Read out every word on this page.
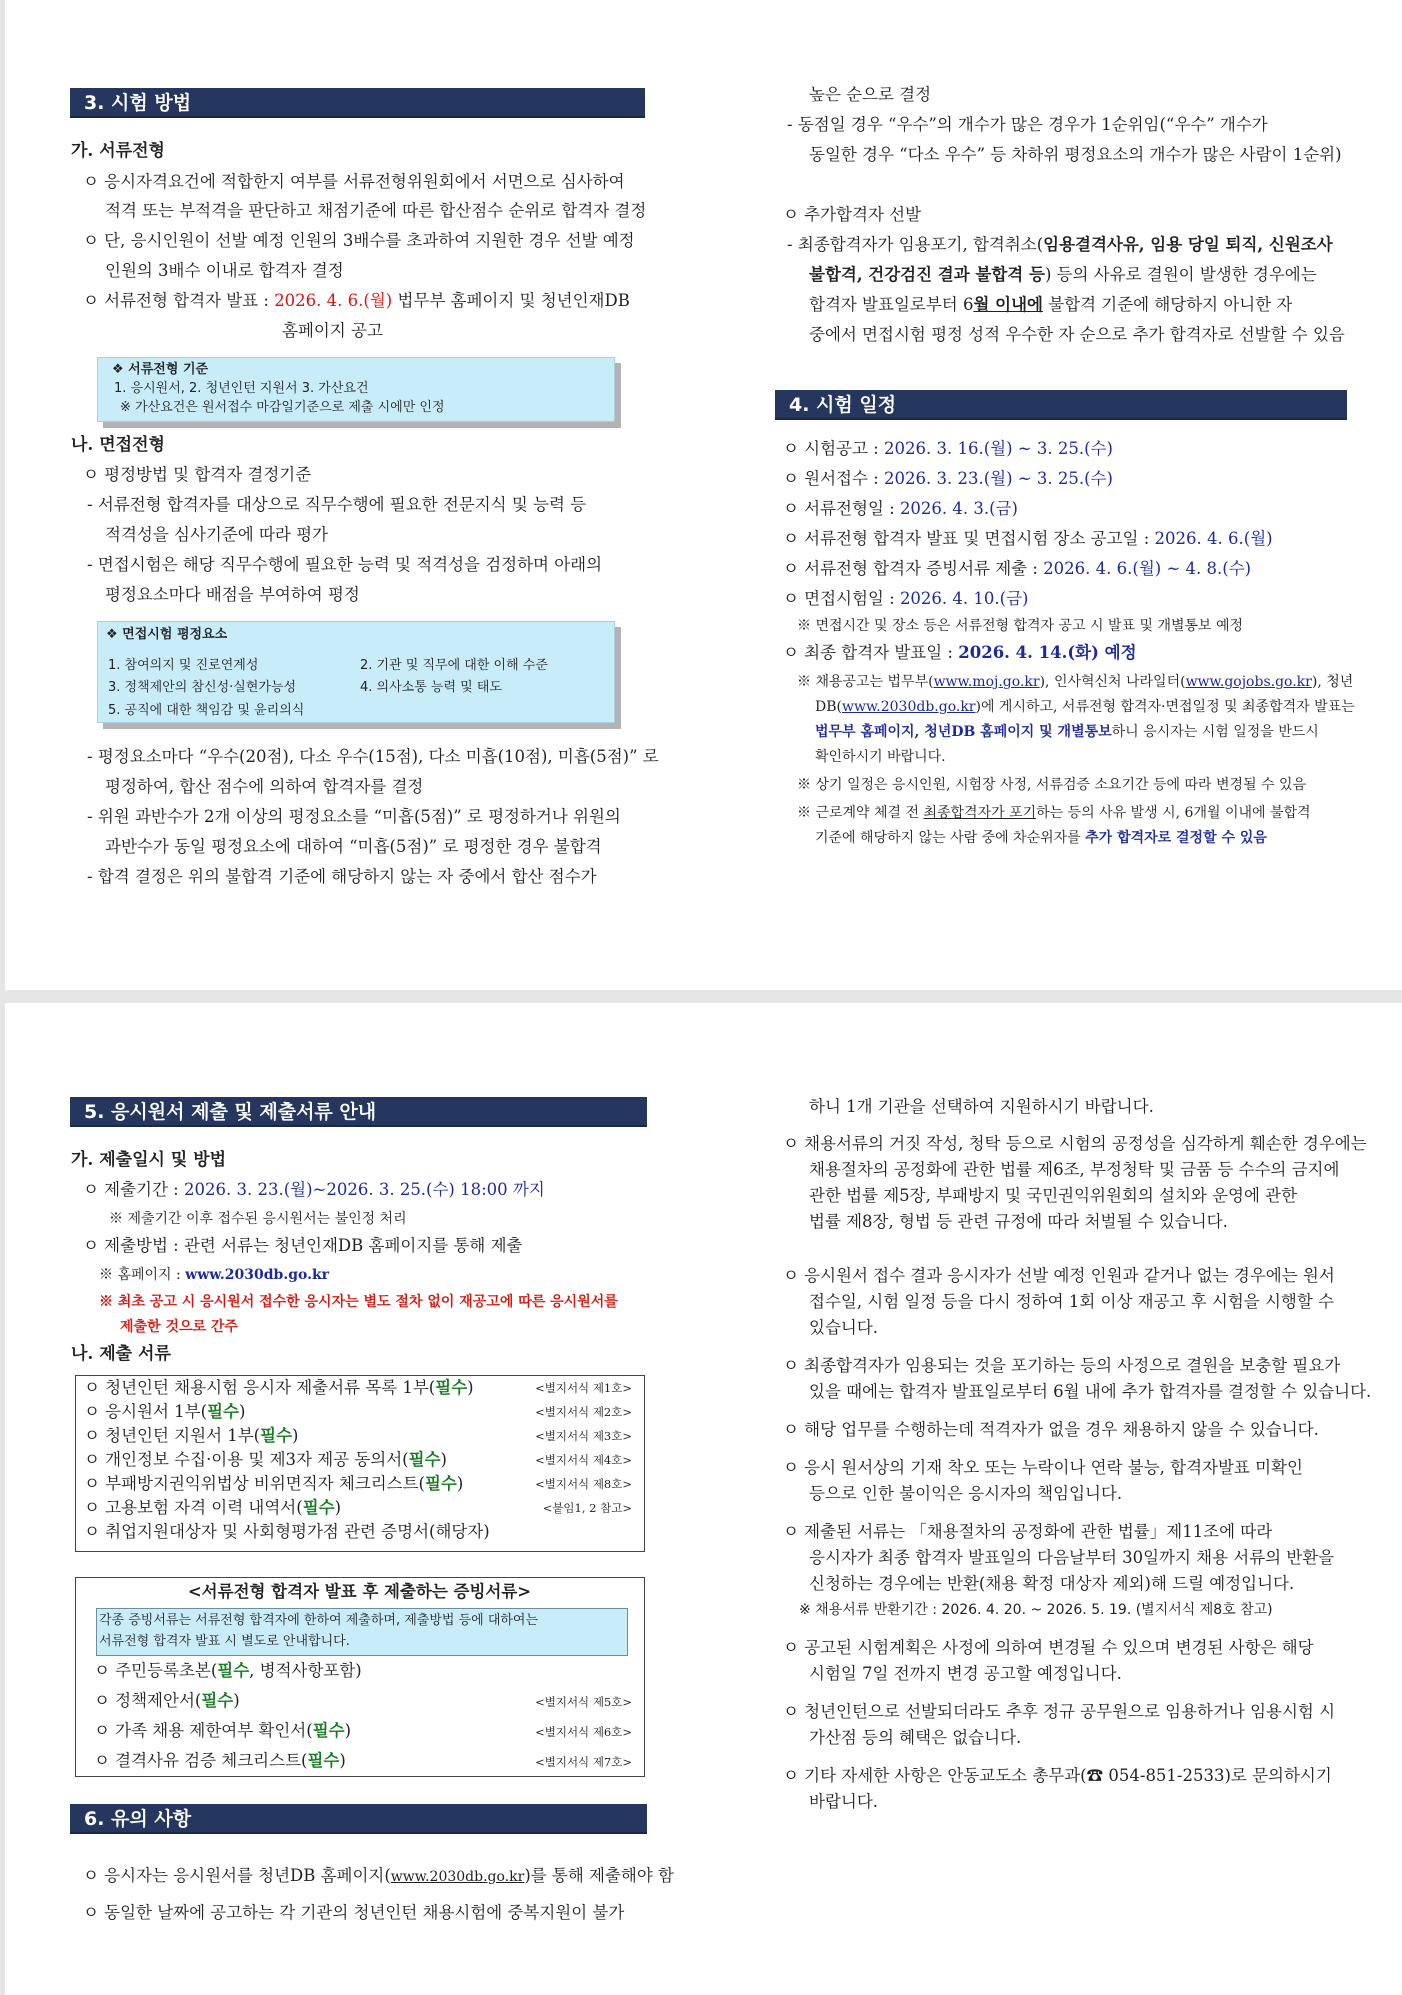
3. 시험 방법
가. 서류전형
ㅇ 응시자격요건에 적합한지 여부를 서류전형위원회에서 서면으로 심사하여
적격 또는 부적격을 판단하고 채점기준에 따른 합산점수 순위로 합격자 결정
ㅇ 단, 응시인원이 선발 예정 인원의 3배수를 초과하여 지원한 경우 선발 예정
인원의 3배수 이내로 합격자 결정
ㅇ 서류전형 합격자 발표 : 2026. 4. 6.(월) 법무부 홈페이지 및 청년인재DB
홈페이지 공고
❖ 서류전형 기준
1. 응시원서, 2. 청년인턴 지원서 3. 가산요건
※ 가산요건은 원서접수 마감일기준으로 제출 시에만 인정
나. 면접전형
ㅇ 평정방법 및 합격자 결정기준
- 서류전형 합격자를 대상으로 직무수행에 필요한 전문지식 및 능력 등
적격성을 심사기준에 따라 평가
- 면접시험은 해당 직무수행에 필요한 능력 및 적격성을 검정하며 아래의
평정요소마다 배점을 부여하여 평정
❖ 면접시험 평정요소
1. 참여의지 및 진로연계성	2. 기관 및 직무에 대한 이해 수준
3. 정책제안의 참신성·실현가능성	4. 의사소통 능력 및 태도
5. 공직에 대한 책임감 및 윤리의식
- 평정요소마다 “우수(20점), 다소 우수(15점), 다소 미흡(10점), 미흡(5점)” 로
평정하여, 합산 점수에 의하여 합격자를 결정
- 위원 과반수가 2개 이상의 평정요소를 “미흡(5점)” 로 평정하거나 위원의
과반수가 동일 평정요소에 대하여 “미흡(5점)” 로 평정한 경우 불합격
- 합격 결정은 위의 불합격 기준에 해당하지 않는 자 중에서 합산 점수가
높은 순으로 결정
- 동점일 경우 “우수”의 개수가 많은 경우가 1순위임(“우수” 개수가
동일한 경우 “다소 우수” 등 차하위 평정요소의 개수가 많은 사람이 1순위)
ㅇ 추가합격자 선발
- 최종합격자가 임용포기, 합격취소(임용결격사유, 임용 당일 퇴직, 신원조사
불합격, 건강검진 결과 불합격 등) 등의 사유로 결원이 발생한 경우에는
합격자 발표일로부터 6월 이내에 불합격 기준에 해당하지 아니한 자
중에서 면접시험 평정 성적 우수한 자 순으로 추가 합격자로 선발할 수 있음
4. 시험 일정
ㅇ 시험공고 : 2026. 3. 16.(월) ~ 3. 25.(수)
ㅇ 원서접수 : 2026. 3. 23.(월) ~ 3. 25.(수)
ㅇ 서류전형일 : 2026. 4. 3.(금)
ㅇ 서류전형 합격자 발표 및 면접시험 장소 공고일 : 2026. 4. 6.(월)
ㅇ 서류전형 합격자 증빙서류 제출 : 2026. 4. 6.(월) ~ 4. 8.(수)
ㅇ 면접시험일 : 2026. 4. 10.(금)
※ 면접시간 및 장소 등은 서류전형 합격자 공고 시 발표 및 개별통보 예정
ㅇ 최종 합격자 발표일 : 2026. 4. 14.(화) 예정
※ 채용공고는 법무부(www.moj.go.kr), 인사혁신처 나라일터(www.gojobs.go.kr), 청년
DB(www.2030db.go.kr)에 게시하고, 서류전형 합격자·면접일정 및 최종합격자 발표는
법무부 홈페이지, 청년DB 홈페이지 및 개별통보하니 응시자는 시험 일정을 반드시
확인하시기 바랍니다.
※ 상기 일정은 응시인원, 시험장 사정, 서류검증 소요기간 등에 따라 변경될 수 있음
※ 근로계약 체결 전 최종합격자가 포기하는 등의 사유 발생 시, 6개월 이내에 불합격
기준에 해당하지 않는 사람 중에 차순위자를 추가 합격자로 결정할 수 있음
5. 응시원서 제출 및 제출서류 안내
가. 제출일시 및 방법
ㅇ 제출기간 : 2026. 3. 23.(월)~2026. 3. 25.(수) 18:00 까지
※ 제출기간 이후 접수된 응시원서는 불인정 처리
ㅇ 제출방법 : 관련 서류는 청년인재DB 홈페이지를 통해 제출
※ 홈페이지 : www.2030db.go.kr
※ 최초 공고 시 응시원서 접수한 응시자는 별도 절차 없이 재공고에 따른 응시원서를
제출한 것으로 간주
나. 제출 서류
ㅇ 청년인턴 채용시험 응시자 제출서류 목록 1부(필수)	<별지서식 제1호>
ㅇ 응시원서 1부(필수)	<별지서식 제2호>
ㅇ 청년인턴 지원서 1부(필수)	<별지서식 제3호>
ㅇ 개인정보 수집·이용 및 제3자 제공 동의서(필수)	<별지서식 제4호>
ㅇ 부패방지권익위법상 비위면직자 체크리스트(필수)	<별지서식 제8호>
ㅇ 고용보험 자격 이력 내역서(필수)	<붙임1, 2 참고>
ㅇ 취업지원대상자 및 사회형평가점 관련 증명서(해당자)
<서류전형 합격자 발표 후 제출하는 증빙서류>
각종 증빙서류는 서류전형 합격자에 한하여 제출하며, 제출방법 등에 대하여는
서류전형 합격자 발표 시 별도로 안내합니다.
ㅇ 주민등록초본(필수, 병적사항포함)
ㅇ 정책제안서(필수)	<별지서식 제5호>
ㅇ 가족 채용 제한여부 확인서(필수)	<별지서식 제6호>
ㅇ 결격사유 검증 체크리스트(필수)	<별지서식 제7호>
6. 유의 사항
ㅇ 응시자는 응시원서를 청년DB 홈페이지(www.2030db.go.kr)를 통해 제출해야 함
ㅇ 동일한 날짜에 공고하는 각 기관의 청년인턴 채용시험에 중복지원이 불가
하니 1개 기관을 선택하여 지원하시기 바랍니다.
ㅇ 채용서류의 거짓 작성, 청탁 등으로 시험의 공정성을 심각하게 훼손한 경우에는
채용절차의 공정화에 관한 법률 제6조, 부정청탁 및 금품 등 수수의 금지에
관한 법률 제5장, 부패방지 및 국민권익위원회의 설치와 운영에 관한
법률 제8장, 형법 등 관련 규정에 따라 처벌될 수 있습니다.
ㅇ 응시원서 접수 결과 응시자가 선발 예정 인원과 같거나 없는 경우에는 원서
접수일, 시험 일정 등을 다시 정하여 1회 이상 재공고 후 시험을 시행할 수
있습니다.
ㅇ 최종합격자가 임용되는 것을 포기하는 등의 사정으로 결원을 보충할 필요가
있을 때에는 합격자 발표일로부터 6월 내에 추가 합격자를 결정할 수 있습니다.
ㅇ 해당 업무를 수행하는데 적격자가 없을 경우 채용하지 않을 수 있습니다.
ㅇ 응시 원서상의 기재 착오 또는 누락이나 연락 불능, 합격자발표 미확인
등으로 인한 불이익은 응시자의 책임입니다.
ㅇ 제출된 서류는 「채용절차의 공정화에 관한 법률」제11조에 따라
응시자가 최종 합격자 발표일의 다음날부터 30일까지 채용 서류의 반환을
신청하는 경우에는 반환(채용 확정 대상자 제외)해 드릴 예정입니다.
※ 채용서류 반환기간 : 2026. 4. 20. ~ 2026. 5. 19. (별지서식 제8호 참고)
ㅇ 공고된 시험계획은 사정에 의하여 변경될 수 있으며 변경된 사항은 해당
시험일 7일 전까지 변경 공고할 예정입니다.
ㅇ 청년인턴으로 선발되더라도 추후 정규 공무원으로 임용하거나 임용시험 시
가산점 등의 혜택은 없습니다.
ㅇ 기타 자세한 사항은 안동교도소 총무과(☎ 054-851-2533)로 문의하시기
바랍니다.
